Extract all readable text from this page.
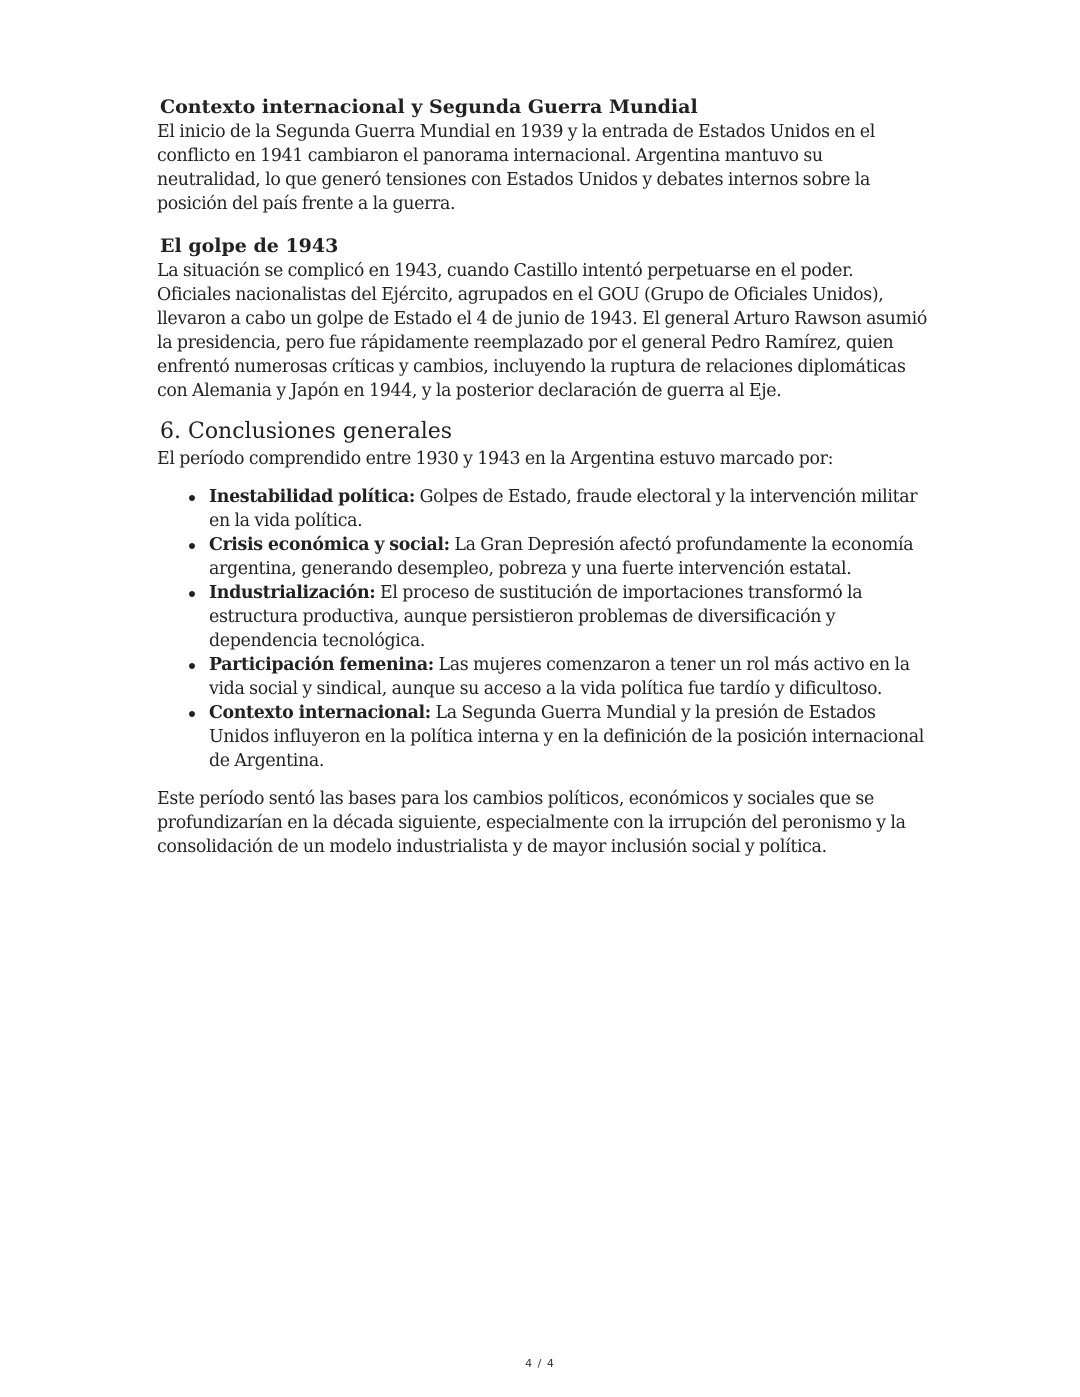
Contexto internacional y Segunda Guerra Mundial

El inicio de la Segunda Guerra Mundial en 1939 y la entrada de Estados Unidos en el conflicto en 1941 cambiaron el panorama internacional. Argentina mantuvo su neutralidad, lo que generó tensiones con Estados Unidos y debates internos sobre la posición del país frente a la guerra.

El golpe de 1943

La situación se complicó en 1943, cuando Castillo intentó perpetuarse en el poder. Oficiales nacionalistas del Ejército, agrupados en el GOU (Grupo de Oficiales Unidos), llevaron a cabo un golpe de Estado el 4 de junio de 1943. El general Arturo Rawson asumió la presidencia, pero fue rápidamente reemplazado por el general Pedro Ramírez, quien enfrentó numerosas críticas y cambios, incluyendo la ruptura de relaciones diplomáticas con Alemania y Japón en 1944, y la posterior declaración de guerra al Eje.

6. Conclusiones generales

El período comprendido entre 1930 y 1943 en la Argentina estuvo marcado por:

Inestabilidad política: Golpes de Estado, fraude electoral y la intervención militar en la vida política.
Crisis económica y social: La Gran Depresión afectó profundamente la economía argentina, generando desempleo, pobreza y una fuerte intervención estatal.
Industrialización: El proceso de sustitución de importaciones transformó la estructura productiva, aunque persistieron problemas de diversificación y dependencia tecnológica.
Participación femenina: Las mujeres comenzaron a tener un rol más activo en la vida social y sindical, aunque su acceso a la vida política fue tardío y dificultoso.
Contexto internacional: La Segunda Guerra Mundial y la presión de Estados Unidos influyeron en la política interna y en la definición de la posición internacional de Argentina.

Este período sentó las bases para los cambios políticos, económicos y sociales que se profundizarían en la década siguiente, especialmente con la irrupción del peronismo y la consolidación de un modelo industrialista y de mayor inclusión social y política.

4 / 4
